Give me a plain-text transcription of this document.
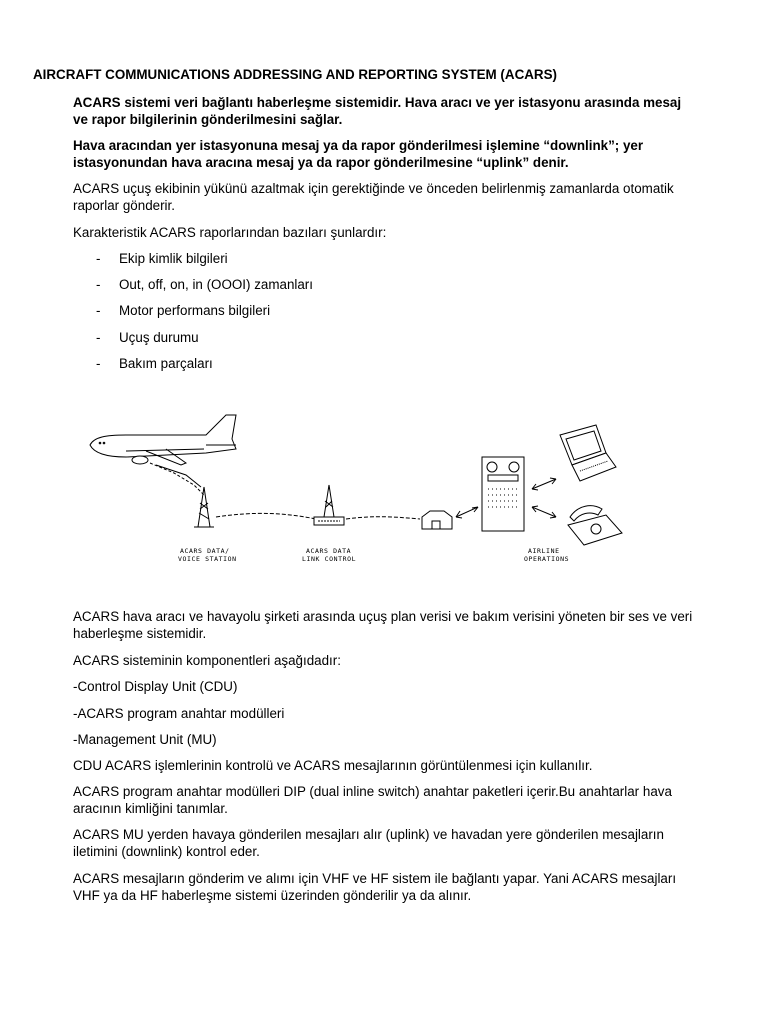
AIRCRAFT COMMUNICATIONS ADDRESSING AND REPORTING SYSTEM (ACARS)
ACARS sistemi veri bağlantı haberleşme sistemidir. Hava aracı ve yer istasyonu arasında mesaj ve rapor bilgilerinin gönderilmesini sağlar.
Hava aracından yer istasyonuna mesaj ya da rapor gönderilmesi işlemine “downlink”; yer istasyonundan hava aracına mesaj ya da rapor gönderilmesine “uplink” denir.
ACARS uçuş ekibinin yükünü azaltmak için gerektiğinde ve önceden belirlenmiş zamanlarda otomatik raporlar gönderir.
Karakteristik ACARS raporlarından bazıları şunlardır:
- Ekip kimlik bilgileri
- Out, off, on, in (OOOI) zamanları
- Motor performans bilgileri
- Uçuş durumu
- Bakım parçaları
ACARS hava aracı ve havayolu şirketi arasında uçuş plan verisi ve bakım verisini yöneten bir ses ve veri haberleşme sistemidir.
ACARS sisteminin komponentleri aşağıdadır:
-Control Display Unit (CDU)
-ACARS program anahtar modülleri
-Management Unit (MU)
CDU ACARS işlemlerinin kontrolü ve ACARS mesajlarının görüntülenmesi için kullanılır.
ACARS program anahtar modülleri DIP (dual inline switch) anahtar paketleri içerir.Bu anahtarlar hava aracının kimliğini tanımlar.
ACARS MU yerden havaya gönderilen mesajları alır (uplink) ve havadan yere gönderilen mesajların iletimini (downlink) kontrol eder.
ACARS mesajların gönderim ve alımı için VHF ve HF sistem ile bağlantı yapar. Yani ACARS mesajları VHF ya da HF haberleşme sistemi üzerinden gönderilir ya da alınır.
ACARS DATA/
VOICE STATION
ACARS DATA
LINK CONTROL
AIRLINE
OPERATIONS
